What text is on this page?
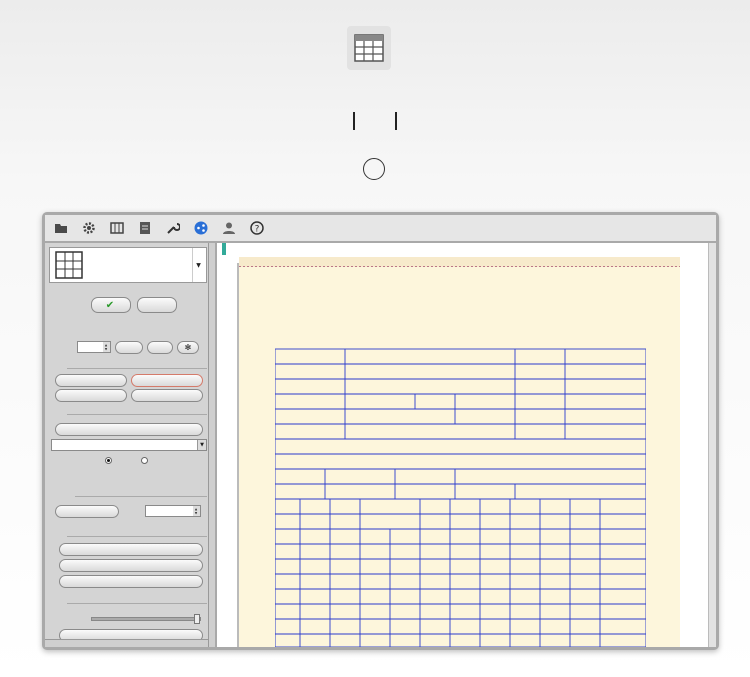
?
▼
✔
▲▼
✻
▼
▲▼
